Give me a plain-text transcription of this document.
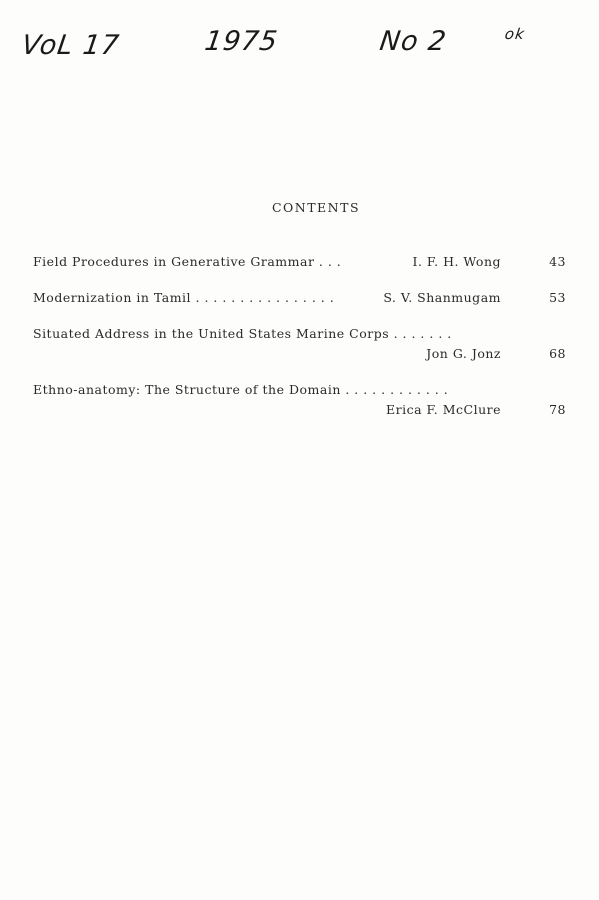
VoL 17	1975	No 2	ok
CONTENTS
Field Procedures in Generative Grammar . . .	I. F. H. Wong	43
Modernization in Tamil . . . . . . . . . . . . . . . .	S. V. Shanmugam	53
Situated Address in the United States Marine Corps . . . . . . .
Jon G. Jonz	68
Ethno-anatomy: The Structure of the Domain . . . . . . . . . . . .
Erica F. McClure	78
